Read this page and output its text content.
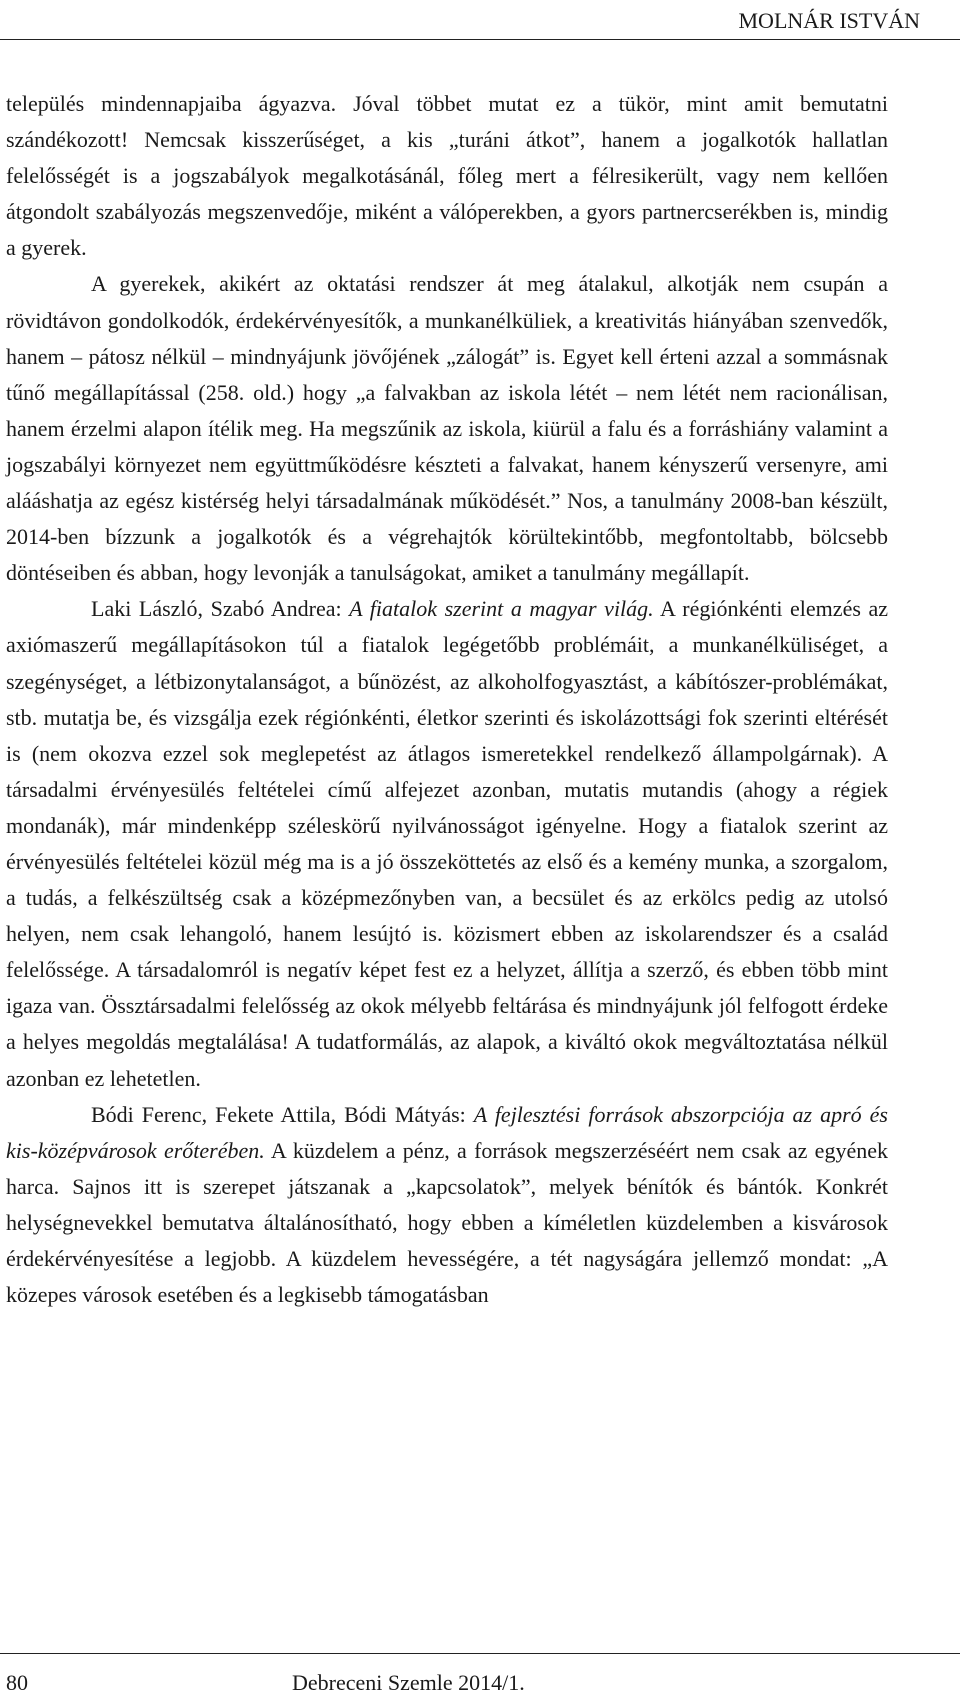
MOLNÁR ISTVÁN

település mindennapjaiba ágyazva. Jóval többet mutat ez a tükör, mint amit bemutatni szándékozott! Nemcsak kisszerűséget, a kis „turáni átkot”, hanem a jogalkotók hallatlan felelősségét is a jogszabályok megalkotásánál, főleg mert a félresikerült, vagy nem kellően átgondolt szabályozás megszenvedője, miként a válóperekben, a gyors partnercserékben is, mindig a gyerek.

A gyerekek, akikért az oktatási rendszer át meg átalakul, alkotják nem csupán a rövidtávon gondolkodók, érdekérvényesítők, a munkanélküliek, a kreativitás hiányában szenvedők, hanem – pátosz nélkül – mindnyájunk jövőjének „zálogát” is. Egyet kell érteni azzal a sommásnak tűnő megállapítással (258. old.) hogy „a falvakban az iskola létét – nem létét nem racionálisan, hanem érzelmi alapon ítélik meg. Ha megszűnik az iskola, kiürül a falu és a forráshiány valamint a jogszabályi környezet nem együttműködésre készteti a falvakat, hanem kényszerű versenyre, ami alááshatja az egész kistérség helyi társadalmának működését.” Nos, a tanulmány 2008-ban készült, 2014-ben bízzunk a jogalkotók és a végrehajtók körültekintőbb, megfontoltabb, bölcsebb döntéseiben és abban, hogy levonják a tanulságokat, amiket a tanulmány megállapít.

Laki László, Szabó Andrea: A fiatalok szerint a magyar világ. A régiónkénti elemzés az axiómaszerű megállapításokon túl a fiatalok legégetőbb problémáit, a munkanélküliséget, a szegénységet, a létbizonytalanságot, a bűnözést, az alkoholfogyasztást, a kábítószer-problémákat, stb. mutatja be, és vizsgálja ezek régiónkénti, életkor szerinti és iskolázottsági fok szerinti eltérését is (nem okozva ezzel sok meglepetést az átlagos ismeretekkel rendelkező állampolgárnak). A társadalmi érvényesülés feltételei című alfejezet azonban, mutatis mutandis (ahogy a régiek mondanák), már mindenképp széleskörű nyilvánosságot igényelne. Hogy a fiatalok szerint az érvényesülés feltételei közül még ma is a jó összeköttetés az első és a kemény munka, a szorgalom, a tudás, a felkészültség csak a középmezőnyben van, a becsület és az erkölcs pedig az utolsó helyen, nem csak lehangoló, hanem lesújtó is. közismert ebben az iskolarendszer és a család felelőssége. A társadalomról is negatív képet fest ez a helyzet, állítja a szerző, és ebben több mint igaza van. Össztársadalmi felelősség az okok mélyebb feltárása és mindnyájunk jól felfogott érdeke a helyes megoldás megtalálása! A tudatformálás, az alapok, a kiváltó okok megváltoztatása nélkül azonban ez lehetetlen.

Bódi Ferenc, Fekete Attila, Bódi Mátyás: A fejlesztési források abszorpciója az apró és kis-középvárosok erőterében. A küzdelem a pénz, a források megszerzéséért nem csak az egyének harca. Sajnos itt is szerepet játszanak a „kapcsolatok”, melyek bénítók és bántók. Konkrét helységnevekkel bemutatva általánosítható, hogy ebben a kíméletlen küzdelemben a kisvárosok érdekérvényesítése a legjobb. A küzdelem hevességére, a tét nagyságára jellemző mondat: „A közepes városok esetében és a legkisebb támogatásban

80	Debreceni Szemle 2014/1.
